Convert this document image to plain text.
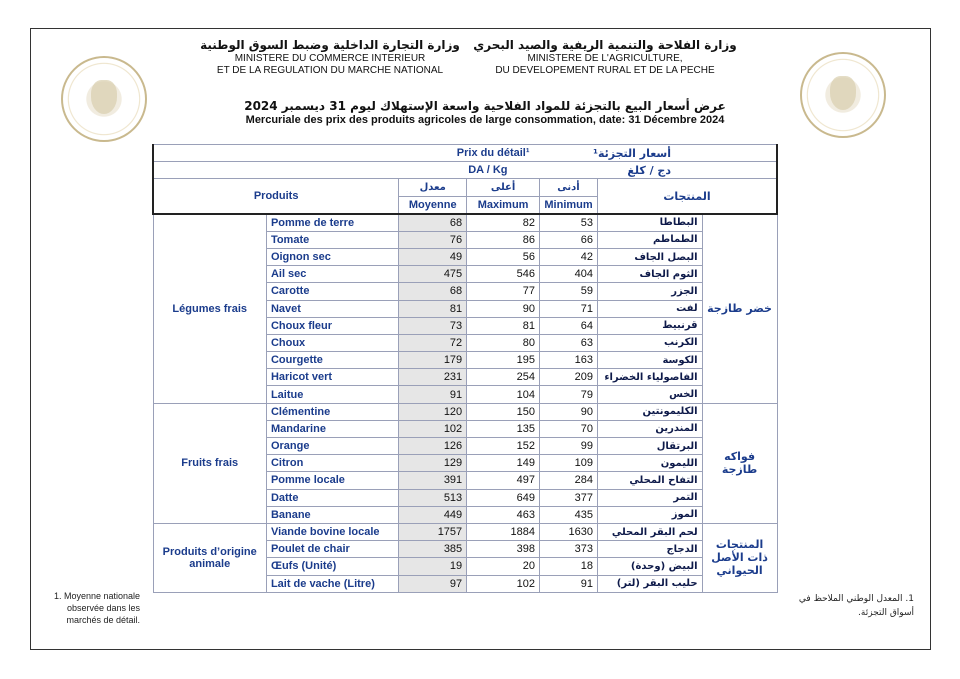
وزارة التجارة الداخلية وضبط السوق الوطنية
MINISTERE DU COMMERCE INTERIEUR
ET DE LA REGULATION DU MARCHE NATIONAL
وزارة الفلاحة والتنمية الريفية والصيد البحري
MINISTERE DE L'AGRICULTURE,
DU DEVELOPEMENT RURAL ET DE LA PECHE
عرض أسعار البيع بالتجزئة للمواد الفلاحية واسعة الإستهلاك ليوم 31 ديسمبر 2024
Mercuriale des prix des produits agricoles de large consommation, date: 31 Décembre 2024
Prix du détail¹				أسعار التجزئة¹		
DA / Kg				دج / كلغ		
Produits		معدل	أعلى	أدنى	المنتجات	
		Moyenne	Maximum	Minimum		
Légumes frais	Pomme de terre	68	82	53	البطاطا	خضر طازجة
	Tomate	76	86	66	الطماطم	
	Oignon sec	49	56	42	البصل الجاف	
	Ail sec	475	546	404	الثوم الجاف	
	Carotte	68	77	59	الجزر	
	Navet	81	90	71	لفت	
	Choux fleur	73	81	64	قرنبيط	
	Choux	72	80	63	الكرنب	
	Courgette	179	195	163	الكوسة	
	Haricot vert	231	254	209	الفاصولياء الخضراء	
	Laitue	91	104	79	الخس	
Fruits frais	Clémentine	120	150	90	الكليمونتين	فواكه طازجة
	Mandarine	102	135	70	المندرين	
	Orange	126	152	99	البرتقال	
	Citron	129	149	109	الليمون	
	Pomme locale	391	497	284	التفاح المحلي	
	Datte	513	649	377	التمر	
	Banane	449	463	435	الموز	
Produits d’origine animale	Viande bovine locale	1757	1884	1630	لحم البقر المحلي	المنتجات ذات الأصل الحيواني
	Poulet de chair	385	398	373	الدجاج	
	Œufs (Unité)	19	20	18	البيض (وحدة)	
	Lait de vache (Litre)	97	102	91	حليب البقر (لتر)	
1. Moyenne nationale observée dans les marchés de détail.
1. المعدل الوطني الملاحظ في أسواق التجزئة.
